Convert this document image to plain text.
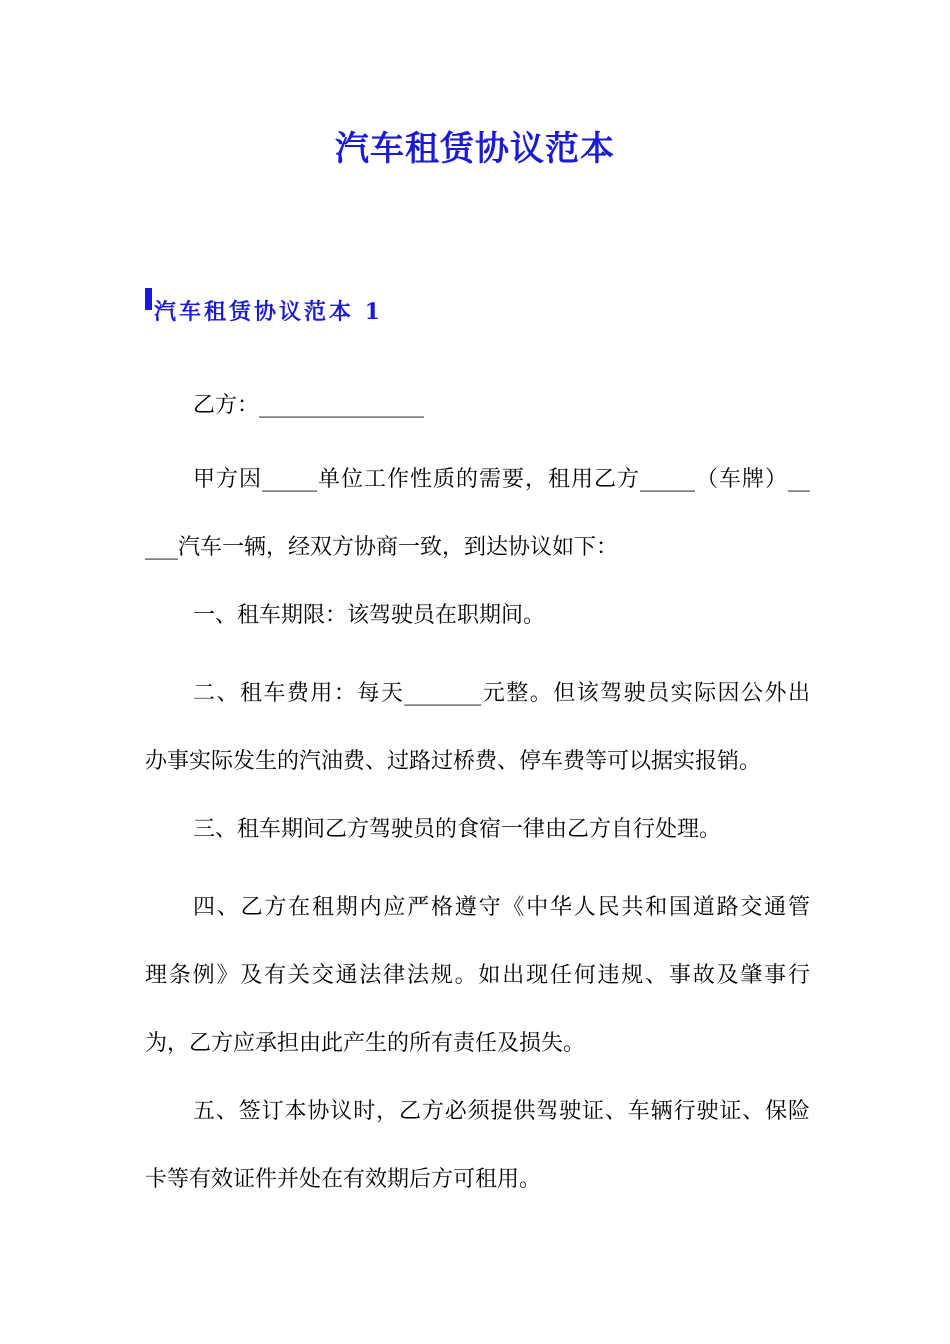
汽车租赁协议范本
汽车租赁协议范本 1
乙方：_______________
甲方因_____单位工作性质的需要，租用乙方_____（车牌）__
___汽车一辆，经双方协商一致，到达协议如下：
一、租车期限：该驾驶员在职期间。
二、租车费用：每天_______元整。但该驾驶员实际因公外出
办事实际发生的汽油费、过路过桥费、停车费等可以据实报销。
三、租车期间乙方驾驶员的食宿一律由乙方自行处理。
四、乙方在租期内应严格遵守《中华人民共和国道路交通管
理条例》及有关交通法律法规。如出现任何违规、事故及肇事行
为，乙方应承担由此产生的所有责任及损失。
五、签订本协议时，乙方必须提供驾驶证、车辆行驶证、保险
卡等有效证件并处在有效期后方可租用。
